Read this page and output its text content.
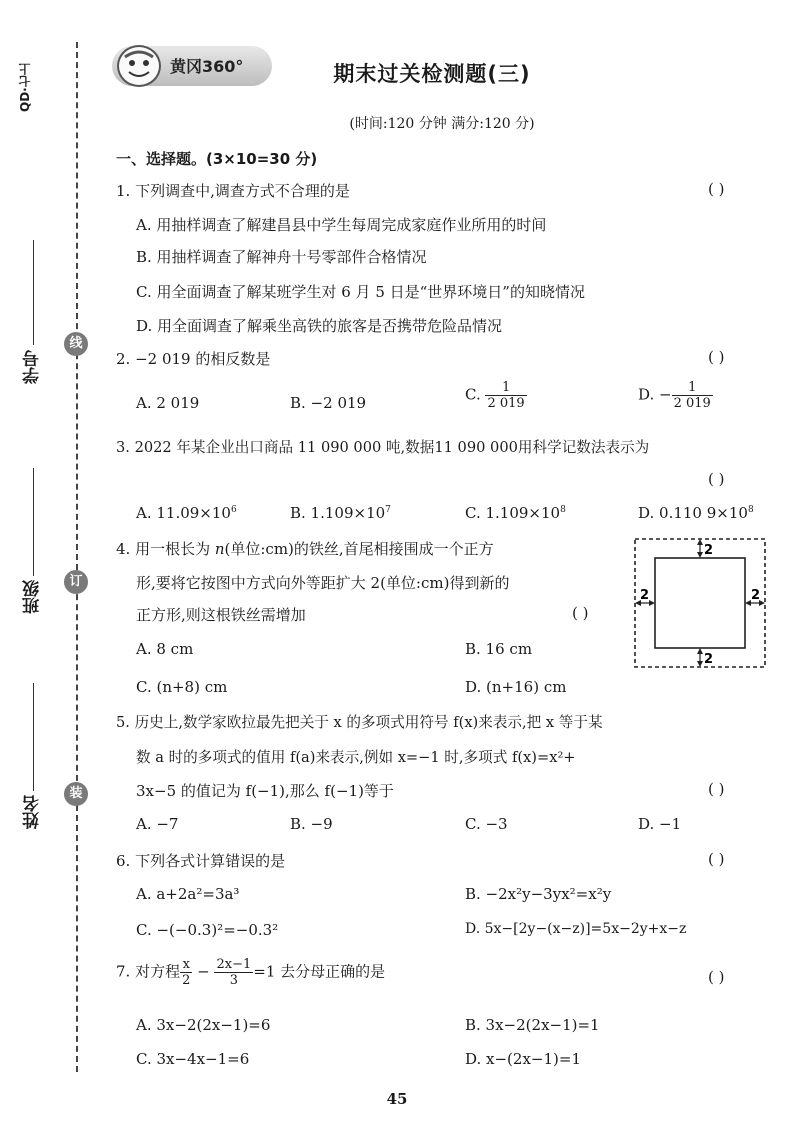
QD·七上
线
订
装
学号
班级
姓名
黄冈360°	期末过关检测题(三)
(时间:120 分钟 满分:120 分)
一、选择题。(3×10=30 分)
1. 下列调查中,调查方式不合理的是	( )
A. 用抽样调查了解建昌县中学生每周完成家庭作业所用的时间
B. 用抽样调查了解神舟十号零部件合格情况
C. 用全面调查了解某班学生对 6 月 5 日是“世界环境日”的知晓情况
D. 用全面调查了解乘坐高铁的旅客是否携带危险品情况
2. −2 019 的相反数是	( )
A. 2 019	B. −2 019	C. $\frac{1}{2 019}$	D. − $\frac{1}{2 019}$
3. 2022 年某企业出口商品 11 090 000 吨,数据11 090 000用科学记数法表示为
( )
A. $11.09\times 10^6$	B. $1.109\times 10^7$	C. $1.109\times 10^8$	D. 0.110 $9\times 10^8$
4. 用一根长为 n(单位:cm)的铁丝,首尾相接围成一个正方
形,要将它按图中方式向外等距扩大 2(单位:cm)得到新的
正方形,则这根铁丝需增加	( )
2
2
2	2
A. 8 cm	B. 16 cm
C. (n+8) cm	D. (n+16) cm
5. 历史上,数学家欧拉最先把关于 x 的多项式用符号 f(x)来表示,把 x 等于某
数 a 时的多项式的值用 f(a)来表示,例如 x=−1 时,多项式 f(x)=x²+
3x−5 的值记为 f(−1),那么 f(−1)等于	( )
A. −7	B. −9	C. −3	D. −1
6. 下列各式计算错误的是	( )
A. a+2a²=3a³	B. −2x²y−3yx²=x²y
C. −(−0.3)²=−0.3²	D. 5x−[2y−(x−z)]=5x−2y+x−z
7. 对方程 $\frac{x}{2} - \frac{2x-1}{3} =1$ 去分母正确的是	( )
A. 3x−2(2x−1)=6	B. 3x−2(2x−1)=1
C. 3x−4x−1=6	D. x−(2x−1)=1
45
